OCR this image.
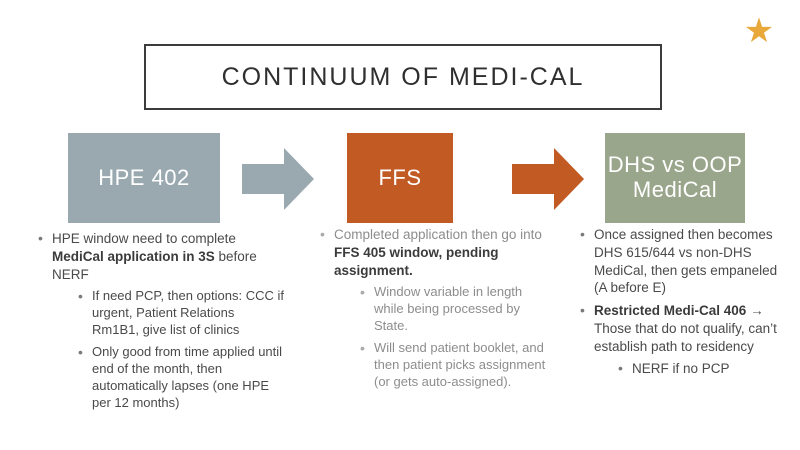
★
CONTINUUM OF MEDI-CAL
HPE 402	FFS	DHS vs OOP MediCal
• HPE window need to complete MediCal application in 3S before NERF
• If need PCP, then options: CCC if urgent, Patient Relations Rm1B1, give list of clinics
• Only good from time applied until end of the month, then automatically lapses (one HPE per 12 months)
• Completed application then go into FFS 405 window, pending assignment.
• Window variable in length while being processed by State.
• Will send patient booklet, and then patient picks assignment (or gets auto-assigned).
• Once assigned then becomes DHS 615/644 vs non-DHS MediCal, then gets empaneled (A before E)
• Restricted Medi-Cal 406 → Those that do not qualify, can’t establish path to residency
• NERF if no PCP
